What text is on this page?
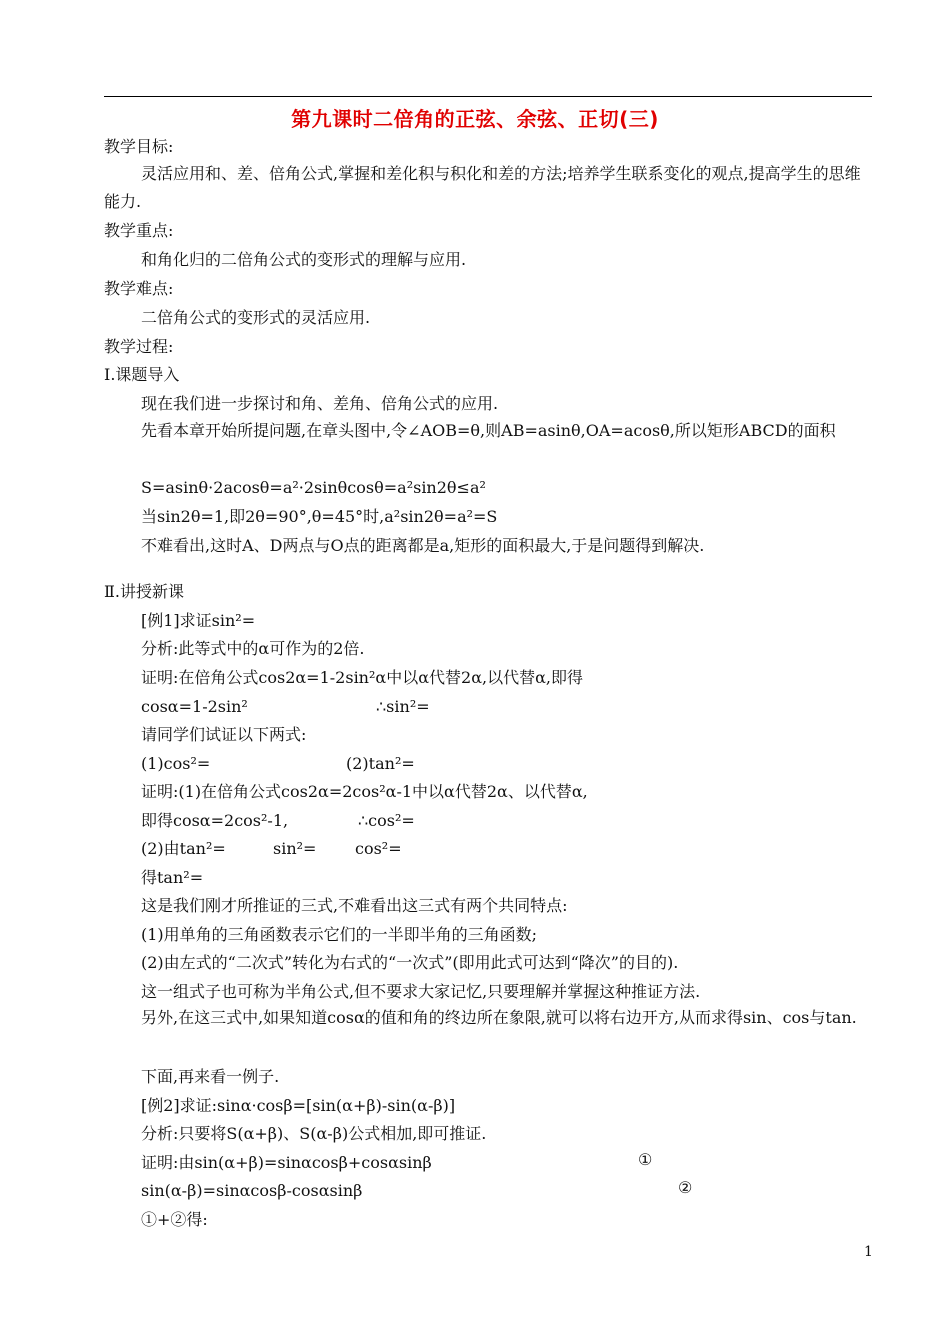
第九课时二倍角的正弦、余弦、正切(三)
教学目标:
灵活应用和、差、倍角公式,掌握和差化积与积化和差的方法;培养学生联系变化的观点,提高学生的思维能力.
教学重点:
和角化归的二倍角公式的变形式的理解与应用.
教学难点:
二倍角公式的变形式的灵活应用.
教学过程:
Ⅰ.课题导入
现在我们进一步探讨和角、差角、倍角公式的应用.
先看本章开始所提问题,在章头图中,令∠AOB=θ,则AB=asinθ,OA=acosθ,所以矩形ABCD的面积
S=asinθ·2acosθ=a²·2sinθcosθ=a²sin2θ≤a²
当sin2θ=1,即2θ=90°,θ=45°时,a²sin2θ=a²=S
不难看出,这时A、D两点与O点的距离都是a,矩形的面积最大,于是问题得到解决.
Ⅱ.讲授新课
[例1]求证sin²=
分析:此等式中的α可作为的2倍.
证明:在倍角公式cos2α=1-2sin²α中以α代替2α,以代替α,即得
cosα=1-2sin²	∴sin²=
请同学们试证以下两式:
(1)cos²=	(2)tan²=
证明:(1)在倍角公式cos2α=2cos²α-1中以α代替2α、以代替α,
即得cosα=2cos²-1,	∴cos²=
(2)由tan²=	sin²= cos²=
得tan²=
这是我们刚才所推证的三式,不难看出这三式有两个共同特点:
(1)用单角的三角函数表示它们的一半即半角的三角函数;
(2)由左式的“二次式”转化为右式的“一次式”(即用此式可达到“降次”的目的).
这一组式子也可称为半角公式,但不要求大家记忆,只要理解并掌握这种推证方法.
另外,在这三式中,如果知道cosα的值和角的终边所在象限,就可以将右边开方,从而求得sin、cos与tan.
下面,再来看一例子.
[例2]求证:sinα·cosβ=[sin(α+β)-sin(α-β)]
分析:只要将S(α+β)、S(α-β)公式相加,即可推证.
证明:由sin(α+β)=sinαcosβ+cosαsinβ	①
sin(α-β)=sinαcosβ-cosαsinβ	②
①+②得:
1
